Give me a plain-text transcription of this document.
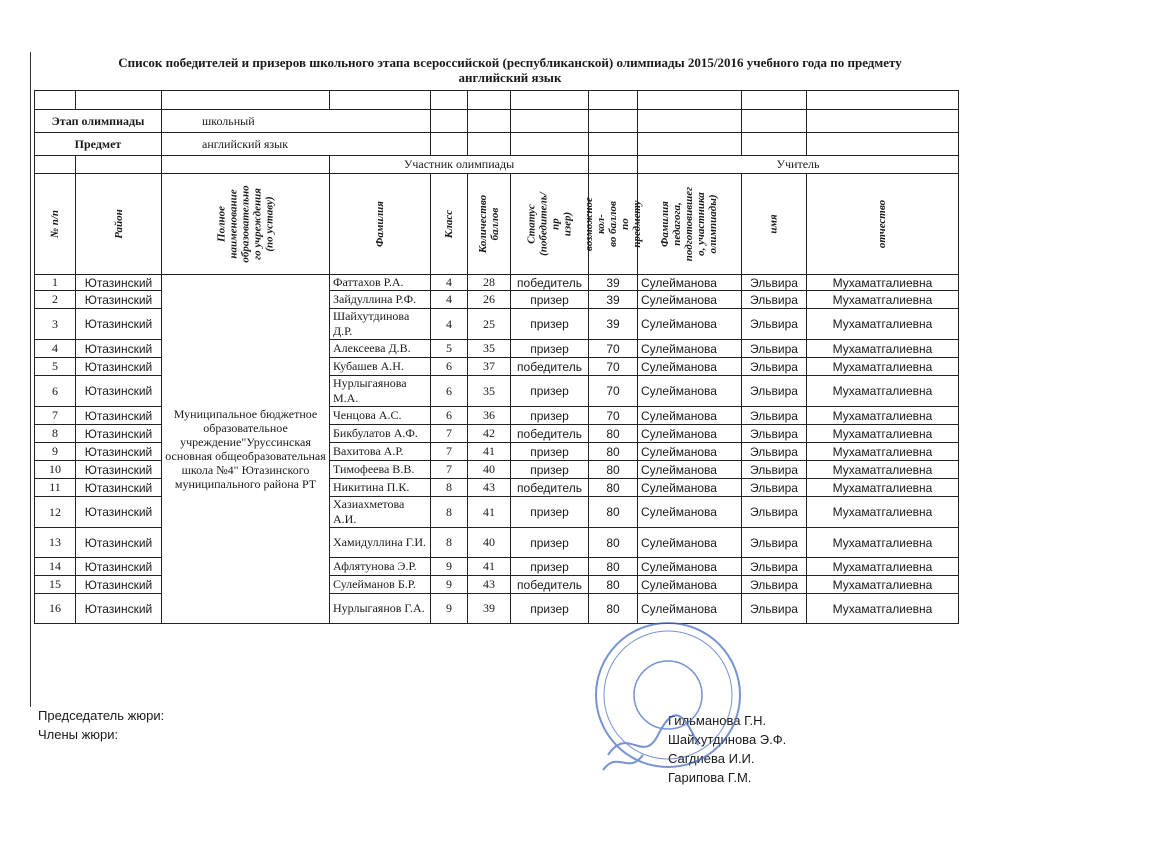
Список победителей и призеров школьного этапа всероссийской (республиканской) олимпиады 2015/2016 учебного года по предмету
английский язык

Этап олимпиады		школьный								
Предмет		английский язык								
			Участник олимпиады					Учитель		

№ п/п	Район	Полное
наименование
образовательно
го учреждения
(по уставу)	Фамилия	Класс	Количество
баллов	Статус
(победитель/пр
изер)	возможное кол-
во баллов по
предмету	Фамилия
педагога,
подготовившег
о, участника
олимпиады)	имя	отчество

1	Ютазинский	Муниципальное бюджетное образовательное учреждение"Уруссинская основная общеобразовательная школа №4" Ютазинского муниципального района РТ	Фаттахов Р.А.	4	28	победитель	39	Сулейманова	Эльвира	Мухаматгалиевна
2	Ютазинский		Зайдуллина Р.Ф.	4	26	призер	39	Сулейманова	Эльвира	Мухаматгалиевна
3	Ютазинский		Шайхутдинова Д.Р.	4	25	призер	39	Сулейманова	Эльвира	Мухаматгалиевна
4	Ютазинский		Алексеева Д.В.	5	35	призер	70	Сулейманова	Эльвира	Мухаматгалиевна
5	Ютазинский		Кубашев А.Н.	6	37	победитель	70	Сулейманова	Эльвира	Мухаматгалиевна
6	Ютазинский		Нурлыгаянова М.А.	6	35	призер	70	Сулейманова	Эльвира	Мухаматгалиевна
7	Ютазинский		Ченцова А.С.	6	36	призер	70	Сулейманова	Эльвира	Мухаматгалиевна
8	Ютазинский		Бикбулатов А.Ф.	7	42	победитель	80	Сулейманова	Эльвира	Мухаматгалиевна
9	Ютазинский		Вахитова А.Р.	7	41	призер	80	Сулейманова	Эльвира	Мухаматгалиевна
10	Ютазинский		Тимофеева В.В.	7	40	призер	80	Сулейманова	Эльвира	Мухаматгалиевна
11	Ютазинский		Никитина П.К.	8	43	победитель	80	Сулейманова	Эльвира	Мухаматгалиевна
12	Ютазинский		Хазиахметова А.И.	8	41	призер	80	Сулейманова	Эльвира	Мухаматгалиевна
13	Ютазинский		Хамидуллина Г.И.	8	40	призер	80	Сулейманова	Эльвира	Мухаматгалиевна
14	Ютазинский		Афлятунова Э.Р.	9	41	призер	80	Сулейманова	Эльвира	Мухаматгалиевна
15	Ютазинский		Сулейманов Б.Р.	9	43	победитель	80	Сулейманова	Эльвира	Мухаматгалиевна
16	Ютазинский		Нурлыгаянов Г.А.	9	39	призер	80	Сулейманова	Эльвира	Мухаматгалиевна
Председатель жюри:
Члены жюри:
Гильманова Г.Н.
Шайхутдинова Э.Ф.
Сагдиева И.И.
Гарипова Г.М.
